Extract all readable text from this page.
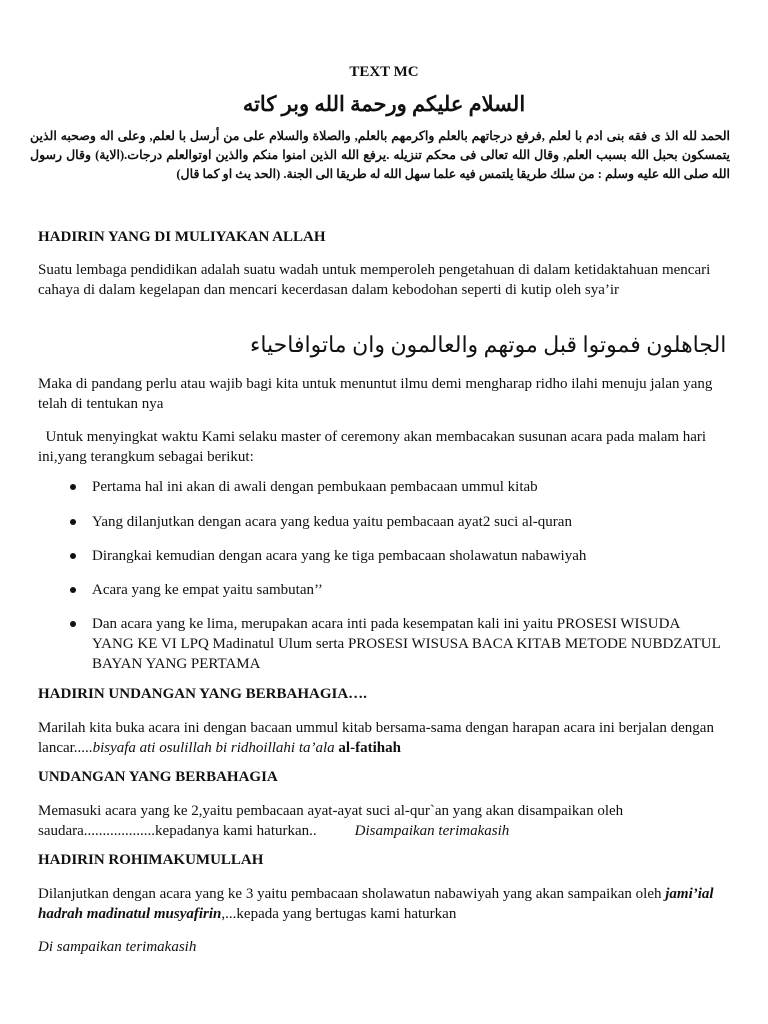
TEXT MC
السلام عليكم ورحمة الله وبر كاته
الحمد لله الذ ى فقه بنى ادم با لعلم ,فرفع درجاتهم بالعلم واكرمهم بالعلم, والصلاة والسلام على من أرسل با لعلم, وعلى اله وصحبه الذين يتمسكون بحبل الله بسبب العلم, وقال الله تعالى فى محكم تنزيله .يرفع الله الذين امنوا منكم والذين اوتوالعلم درجات.(الاية) وقال رسول الله صلى الله عليه وسلم : من سلك طريقا يلتمس فيه علما سهل الله له طريقا الى الجنة. (الحد يث او كما قال)
HADIRIN YANG DI MULIYAKAN ALLAH
Suatu lembaga pendidikan adalah suatu wadah untuk memperoleh pengetahuan di dalam ketidaktahuan mencari cahaya di dalam kegelapan dan mencari kecerdasan dalam kebodohan seperti di kutip oleh sya’ir
الجاهلون فموتوا قبل موتهم والعالمون وان ماتوافاحياء
Maka di pandang perlu atau wajib bagi kita untuk menuntut ilmu demi mengharap ridho ilahi menuju jalan yang telah di tentukan nya
Untuk menyingkat waktu Kami selaku master of ceremony akan membacakan susunan acara pada malam hari ini,yang terangkum sebagai berikut:
Pertama hal ini akan di awali dengan pembukaan pembacaan ummul kitab
Yang dilanjutkan dengan acara yang kedua yaitu pembacaan ayat2 suci al-quran
Dirangkai kemudian dengan acara yang ke tiga pembacaan sholawatun nabawiyah
Acara yang ke empat yaitu sambutan’’
Dan acara yang ke lima, merupakan acara inti pada kesempatan kali ini yaitu PROSESI WISUDA YANG KE VI LPQ Madinatul Ulum serta PROSESI WISUSA BACA KITAB METODE NUBDZATUL BAYAN YANG PERTAMA
HADIRIN UNDANGAN YANG BERBAHAGIA….
Marilah kita buka acara ini dengan bacaan ummul kitab bersama-sama dengan harapan acara ini berjalan dengan lancar.....bisyafa ati osulillah bi ridhoillahi ta’ala al-fatihah
UNDANGAN YANG BERBAHAGIA
Memasuki acara yang ke 2,yaitu pembacaan ayat-ayat suci al-qur`an yang akan disampaikan oleh saudara...................kepadanya kami haturkan..	Disampaikan terimakasih
HADIRIN ROHIMAKUMULLAH
Dilanjutkan dengan acara yang ke 3 yaitu pembacaan sholawatun nabawiyah yang akan sampaikan oleh jami’ial hadrah madinatul musyafirin,...kepada yang bertugas kami haturkan
Di sampaikan terimakasih
